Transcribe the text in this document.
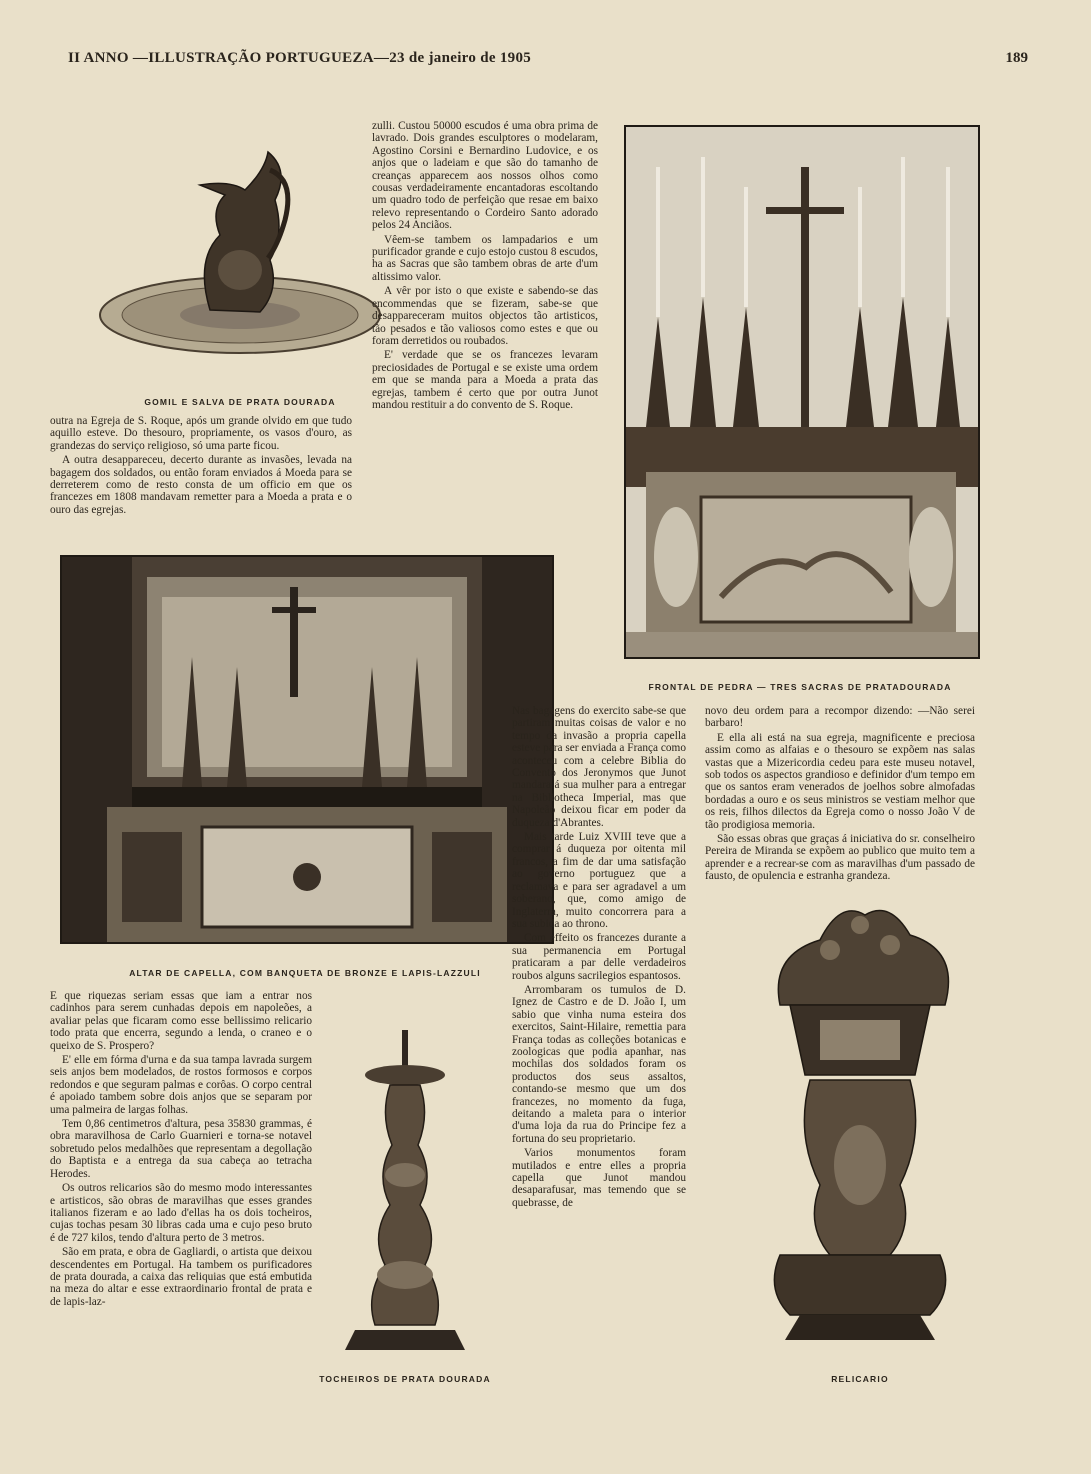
II ANNO —ILLUSTRAÇÃO PORTUGUEZA—23 de janeiro de 1905	189
GOMIL E SALVA DE PRATA DOURADA

outra na Egreja de S. Roque, após um grande olvido em que tudo aquillo esteve. Do thesouro, propriamente, os vasos d'ouro, as grandezas do serviço religioso, só uma parte ficou.

A outra desappareceu, decerto durante as invasões, levada na bagagem dos soldados, ou então foram enviados á Moeda para se derreterem como de resto consta de um officio em que os francezes em 1808 mandavam remetter para a Moeda a prata e o ouro das egrejas.

zulli. Custou 50000 escudos é uma obra prima de lavrado. Dois grandes esculptores o modelaram, Agostino Corsini e Bernardino Ludovice, e os anjos que o ladeiam e que são do tamanho de creanças apparecem aos nossos olhos como cousas verdadeiramente encantadoras escoltando um quadro todo de perfeição que resae em baixo relevo representando o Cordeiro Santo adorado pelos 24 Anciãos.

Vêem-se tambem os lampadarios e um purificador grande e cujo estojo custou 8 escudos, ha as Sacras que são tambem obras de arte d'um altissimo valor.

A vêr por isto o que existe e sabendo-se das encommendas que se fizeram, sabe-se que desappareceram muitos objectos tão artisticos, tão pesados e tão valiosos como estes e que ou foram derretidos ou roubados.

E' verdade que se os francezes levaram preciosidades de Portugal e se existe uma ordem em que se manda para a Moeda a prata das egrejas, tambem é certo que por outra Junot mandou restituir a do convento de S. Roque.

FRONTAL DE PEDRA — TRES SACRAS DE PRATADOURADA
ALTAR DE CAPELLA, COM BANQUETA DE BRONZE E LAPIS-LAZZULI

Nas bagagens do exercito sabe-se que partiram muitas coisas de valor e no tempo da invasão a propria capella esteve para ser enviada a França como aconteceu com a celebre Biblia do Convento dos Jeronymos que Junot mandara á sua mulher para a entregar na Bibliotheca Imperial, mas que Napoleão deixou ficar em poder da duqueza d'Abrantes.

Mais tarde Luiz XVIII teve que a comprar á duqueza por oitenta mil francos, a fim de dar uma satisfação ao governo portuguez que a reclamava e para ser agradavel a um soberano, que, como amigo de Inglaterra, muito concorrera para a sua subida ao throno.

Com effeito os francezes durante a sua permanencia em Portugal praticaram a par delle verdadeiros roubos alguns sacrilegios espantosos.

Arrombaram os tumulos de D. Ignez de Castro e de D. João I, um sabio que vinha numa esteira dos exercitos, Saint-Hilaire, remettia para França todas as colleções botanicas e zoologicas que podia apanhar, nas mochilas dos soldados foram os productos dos seus assaltos, contando-se mesmo que um dos francezes, no momento da fuga, deitando a maleta para o interior d'uma loja da rua do Principe fez a fortuna do seu proprietario.

Varios monumentos foram mutilados e entre elles a propria capella que Junot mandou desaparafusar, mas temendo que se quebrasse, de

novo deu ordem para a recompor dizendo: —Não serei barbaro!

E ella ali está na sua egreja, magnificente e preciosa assim como as alfaias e o thesouro se expõem nas salas vastas que a Mizericordia cedeu para este museu notavel, sob todos os aspectos grandioso e definidor d'um tempo em que os santos eram venerados de joelhos sobre almofadas bordadas a ouro e os seus ministros se vestiam melhor que os reis, filhos dilectos da Egreja como o nosso João V de tão prodigiosa memoria.

São essas obras que graças á iniciativa do sr. conselheiro Pereira de Miranda se expõem ao publico que muito tem a aprender e a recrear-se com as maravilhas d'um passado de fausto, de opulencia e estranha grandeza.

E que riquezas seriam essas que iam a entrar nos cadinhos para serem cunhadas depois em napoleões, a avaliar pelas que ficaram como esse bellissimo relicario todo prata que encerra, segundo a lenda, o craneo e o queixo de S. Prospero?

E' elle em fórma d'urna e da sua tampa lavrada surgem seis anjos bem modelados, de rostos formosos e corpos redondos e que seguram palmas e corôas. O corpo central é apoiado tambem sobre dois anjos que se separam por uma palmeira de largas folhas.

Tem 0,86 centimetros d'altura, pesa 35830 grammas, é obra maravilhosa de Carlo Guarnieri e torna-se notavel sobretudo pelos medalhões que representam a degollação do Baptista e a entrega da sua cabeça ao tetracha Herodes.

Os outros relicarios são do mesmo modo interessantes e artisticos, são obras de maravilhas que esses grandes italianos fizeram e ao lado d'ellas ha os dois tocheiros, cujas tochas pesam 30 libras cada uma e cujo peso bruto é de 727 kilos, tendo d'altura perto de 3 metros.

São em prata, e obra de Gagliardi, o artista que deixou descendentes em Portugal. Ha tambem os purificadores de prata dourada, a caixa das reliquias que está embutida na meza do altar e esse extraordinario frontal de prata e de lapis-laz-

TOCHEIROS DE PRATA DOURADA	RELICARIO
